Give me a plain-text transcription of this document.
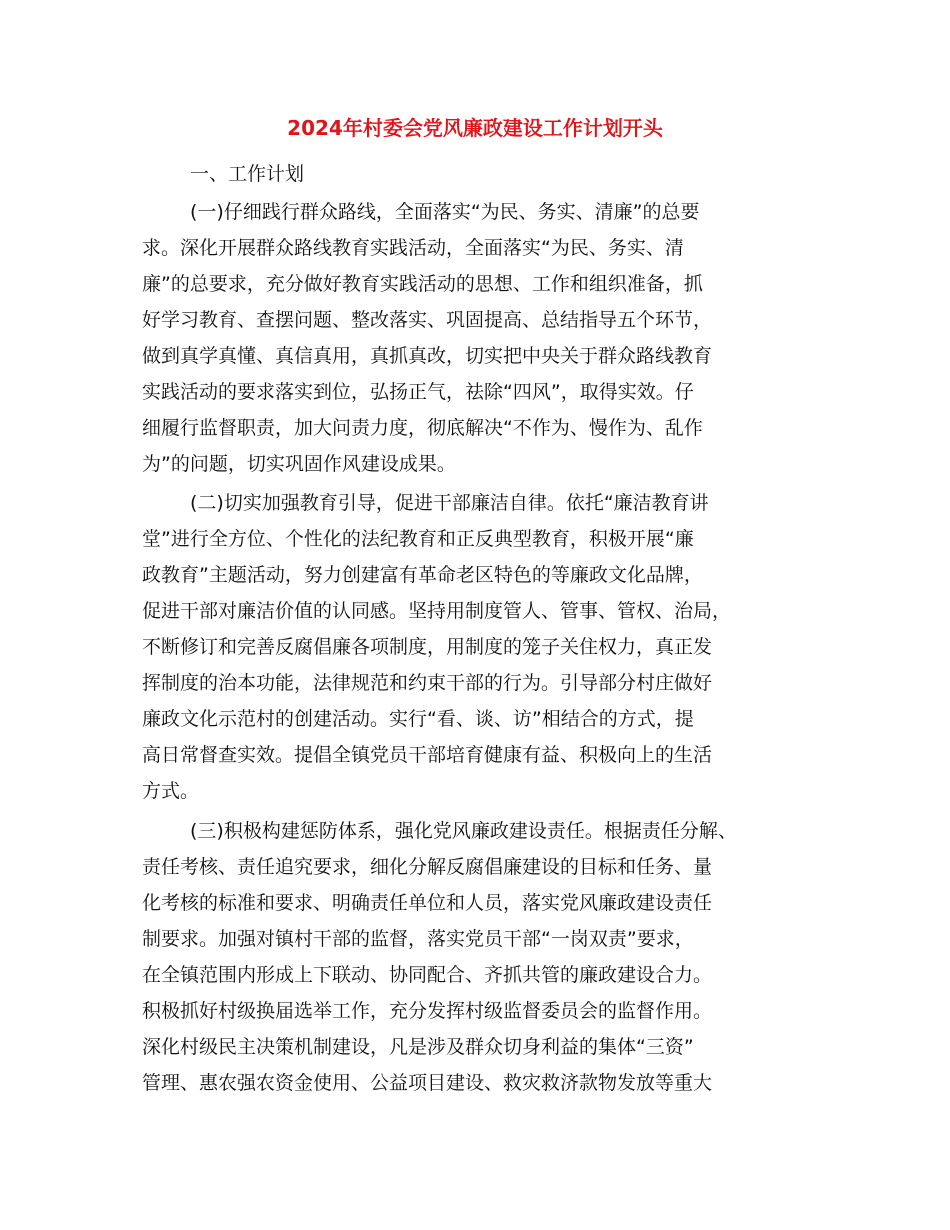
2024年村委会党风廉政建设工作计划开头
一、工作计划
(一)仔细践行群众路线，全面落实“为民、务实、清廉”的总要
求。深化开展群众路线教育实践活动，全面落实“为民、务实、清
廉”的总要求，充分做好教育实践活动的思想、工作和组织准备，抓
好学习教育、查摆问题、整改落实、巩固提高、总结指导五个环节，
做到真学真懂、真信真用，真抓真改，切实把中央关于群众路线教育
实践活动的要求落实到位，弘扬正气，祛除“四风”，取得实效。仔
细履行监督职责，加大问责力度，彻底解决“不作为、慢作为、乱作
为”的问题，切实巩固作风建设成果。
(二)切实加强教育引导，促进干部廉洁自律。依托“廉洁教育讲
堂”进行全方位、个性化的法纪教育和正反典型教育，积极开展“廉
政教育”主题活动，努力创建富有革命老区特色的等廉政文化品牌，
促进干部对廉洁价值的认同感。坚持用制度管人、管事、管权、治局，
不断修订和完善反腐倡廉各项制度，用制度的笼子关住权力，真正发
挥制度的治本功能，法律规范和约束干部的行为。引导部分村庄做好
廉政文化示范村的创建活动。实行“看、谈、访”相结合的方式，提
高日常督查实效。提倡全镇党员干部培育健康有益、积极向上的生活
方式。
(三)积极构建惩防体系，强化党风廉政建设责任。根据责任分解、
责任考核、责任追究要求，细化分解反腐倡廉建设的目标和任务、量
化考核的标准和要求、明确责任单位和人员，落实党风廉政建设责任
制要求。加强对镇村干部的监督，落实党员干部“一岗双责”要求，
在全镇范围内形成上下联动、协同配合、齐抓共管的廉政建设合力。
积极抓好村级换届选举工作，充分发挥村级监督委员会的监督作用。
深化村级民主决策机制建设，凡是涉及群众切身利益的集体“三资”
管理、惠农强农资金使用、公益项目建设、救灾救济款物发放等重大
